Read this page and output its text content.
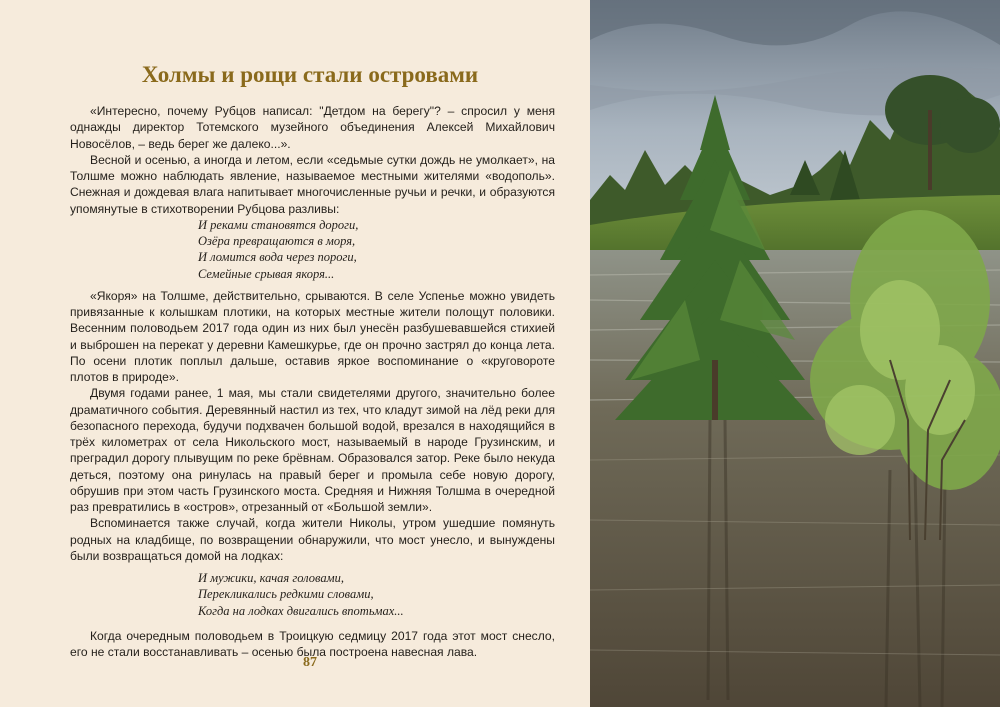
Холмы и рощи стали островами

«Интересно, почему Рубцов написал: "Детдом на берегу"? – спросил у меня однажды директор Тотемского музейного объединения Алексей Михайлович Новосёлов, – ведь берег же далеко...».

Весной и осенью, а иногда и летом, если «седьмые сутки дождь не умолкает», на Толшме можно наблюдать явление, называемое местными жителями «водополь». Снежная и дождевая влага напитывает многочисленные ручьи и речки, и образуются упомянутые в стихотворении Рубцова разливы:

И реками становятся дороги,
Озёра превращаются в моря,
И ломится вода через пороги,
Семейные срывая якоря...

«Якоря» на Толшме, действительно, срываются. В селе Успенье можно увидеть привязанные к колышкам плотики, на которых местные жители полощут половики. Весенним половодьем 2017 года один из них был унесён разбушевавшейся стихией и выброшен на перекат у деревни Камешкурье, где он прочно застрял до конца лета. По осени плотик поплыл дальше, оставив яркое воспоминание о «круговороте плотов в природе».

Двумя годами ранее, 1 мая, мы стали свидетелями другого, значительно более драматичного события. Деревянный настил из тех, что кладут зимой на лёд реки для безопасного перехода, будучи подхвачен большой водой, врезался в находящийся в трёх километрах от села Никольского мост, называемый в народе Грузинским, и преградил дорогу плывущим по реке брёвнам. Образовался затор. Реке было некуда деться, поэтому она ринулась на правый берег и промыла себе новую дорогу, обрушив при этом часть Грузинского моста. Средняя и Нижняя Толшма в очередной раз превратились в «остров», отрезанный от «Большой земли».

Вспоминается также случай, когда жители Николы, утром ушедшие помянуть родных на кладбище, по возвращении обнаружили, что мост унесло, и вынуждены были возвращаться домой на лодках:

И мужики, качая головами,
Перекликались редкими словами,
Когда на лодках двигались впотьмах...

Когда очередным половодьем в Троицкую седмицу 2017 года этот мост снесло, его не стали восстанавливать – осенью была построена навесная лава.

87
